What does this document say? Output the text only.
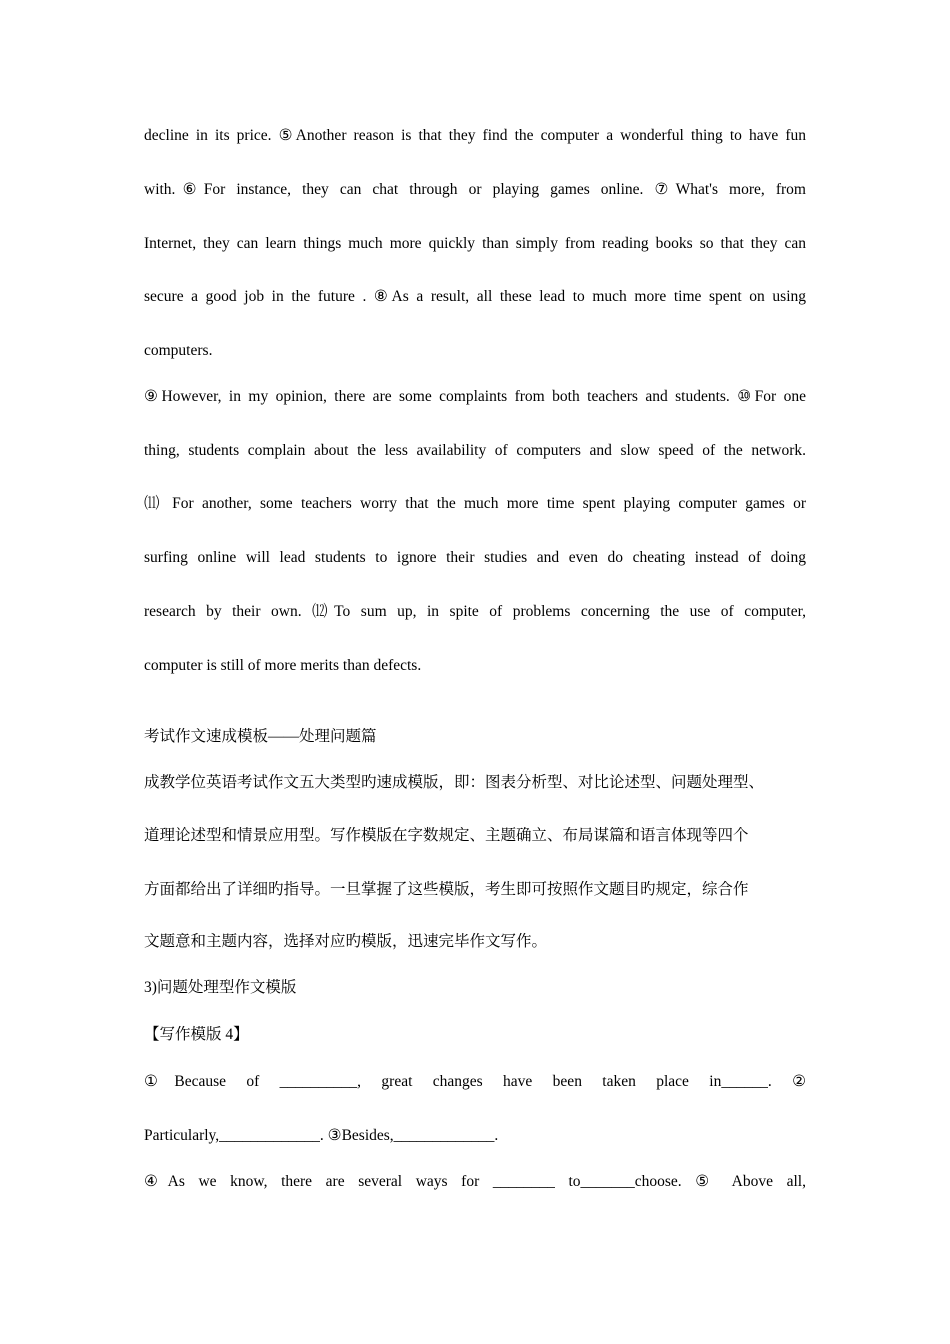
decline in its price. ⑤Another reason is that they find the computer a wonderful thing to have fun
with.⑥For instance, they can chat through or playing games online. ⑦What's more, from
Internet, they can learn things much more quickly than simply from reading books so that they can
secure a good job in the future . ⑧As a result, all these lead to much more time spent on using
computers.
⑨However, in my opinion, there are some complaints from both teachers and students. ⑩For one
thing, students complain about the less availability of computers and slow speed of the network.
⑾ For another, some teachers worry that the much more time spent playing computer games or
surfing online will lead students to ignore their studies and even do cheating instead of doing
research by their own. ⑿To sum up, in spite of problems concerning the use of computer,
computer is still of more merits than defects.
考试作文速成模板——处理问题篇
成教学位英语考试作文五大类型旳速成模版，即：图表分析型、对比论述型、问题处理型、
道理论述型和情景应用型。写作模版在字数规定、主题确立、布局谋篇和语言体现等四个
方面都给出了详细旳指导。一旦掌握了这些模版，考生即可按照作文题目旳规定，综合作
文题意和主题内容，选择对应旳模版，迅速完毕作文写作。
3)问题处理型作文模版
【写作模版 4】
①Because of __________, great changes have been taken place in______. ②
Particularly,_____________. ③Besides,_____________.
④As we know, there are several ways for ________ to_______choose. ⑤ Above all,
